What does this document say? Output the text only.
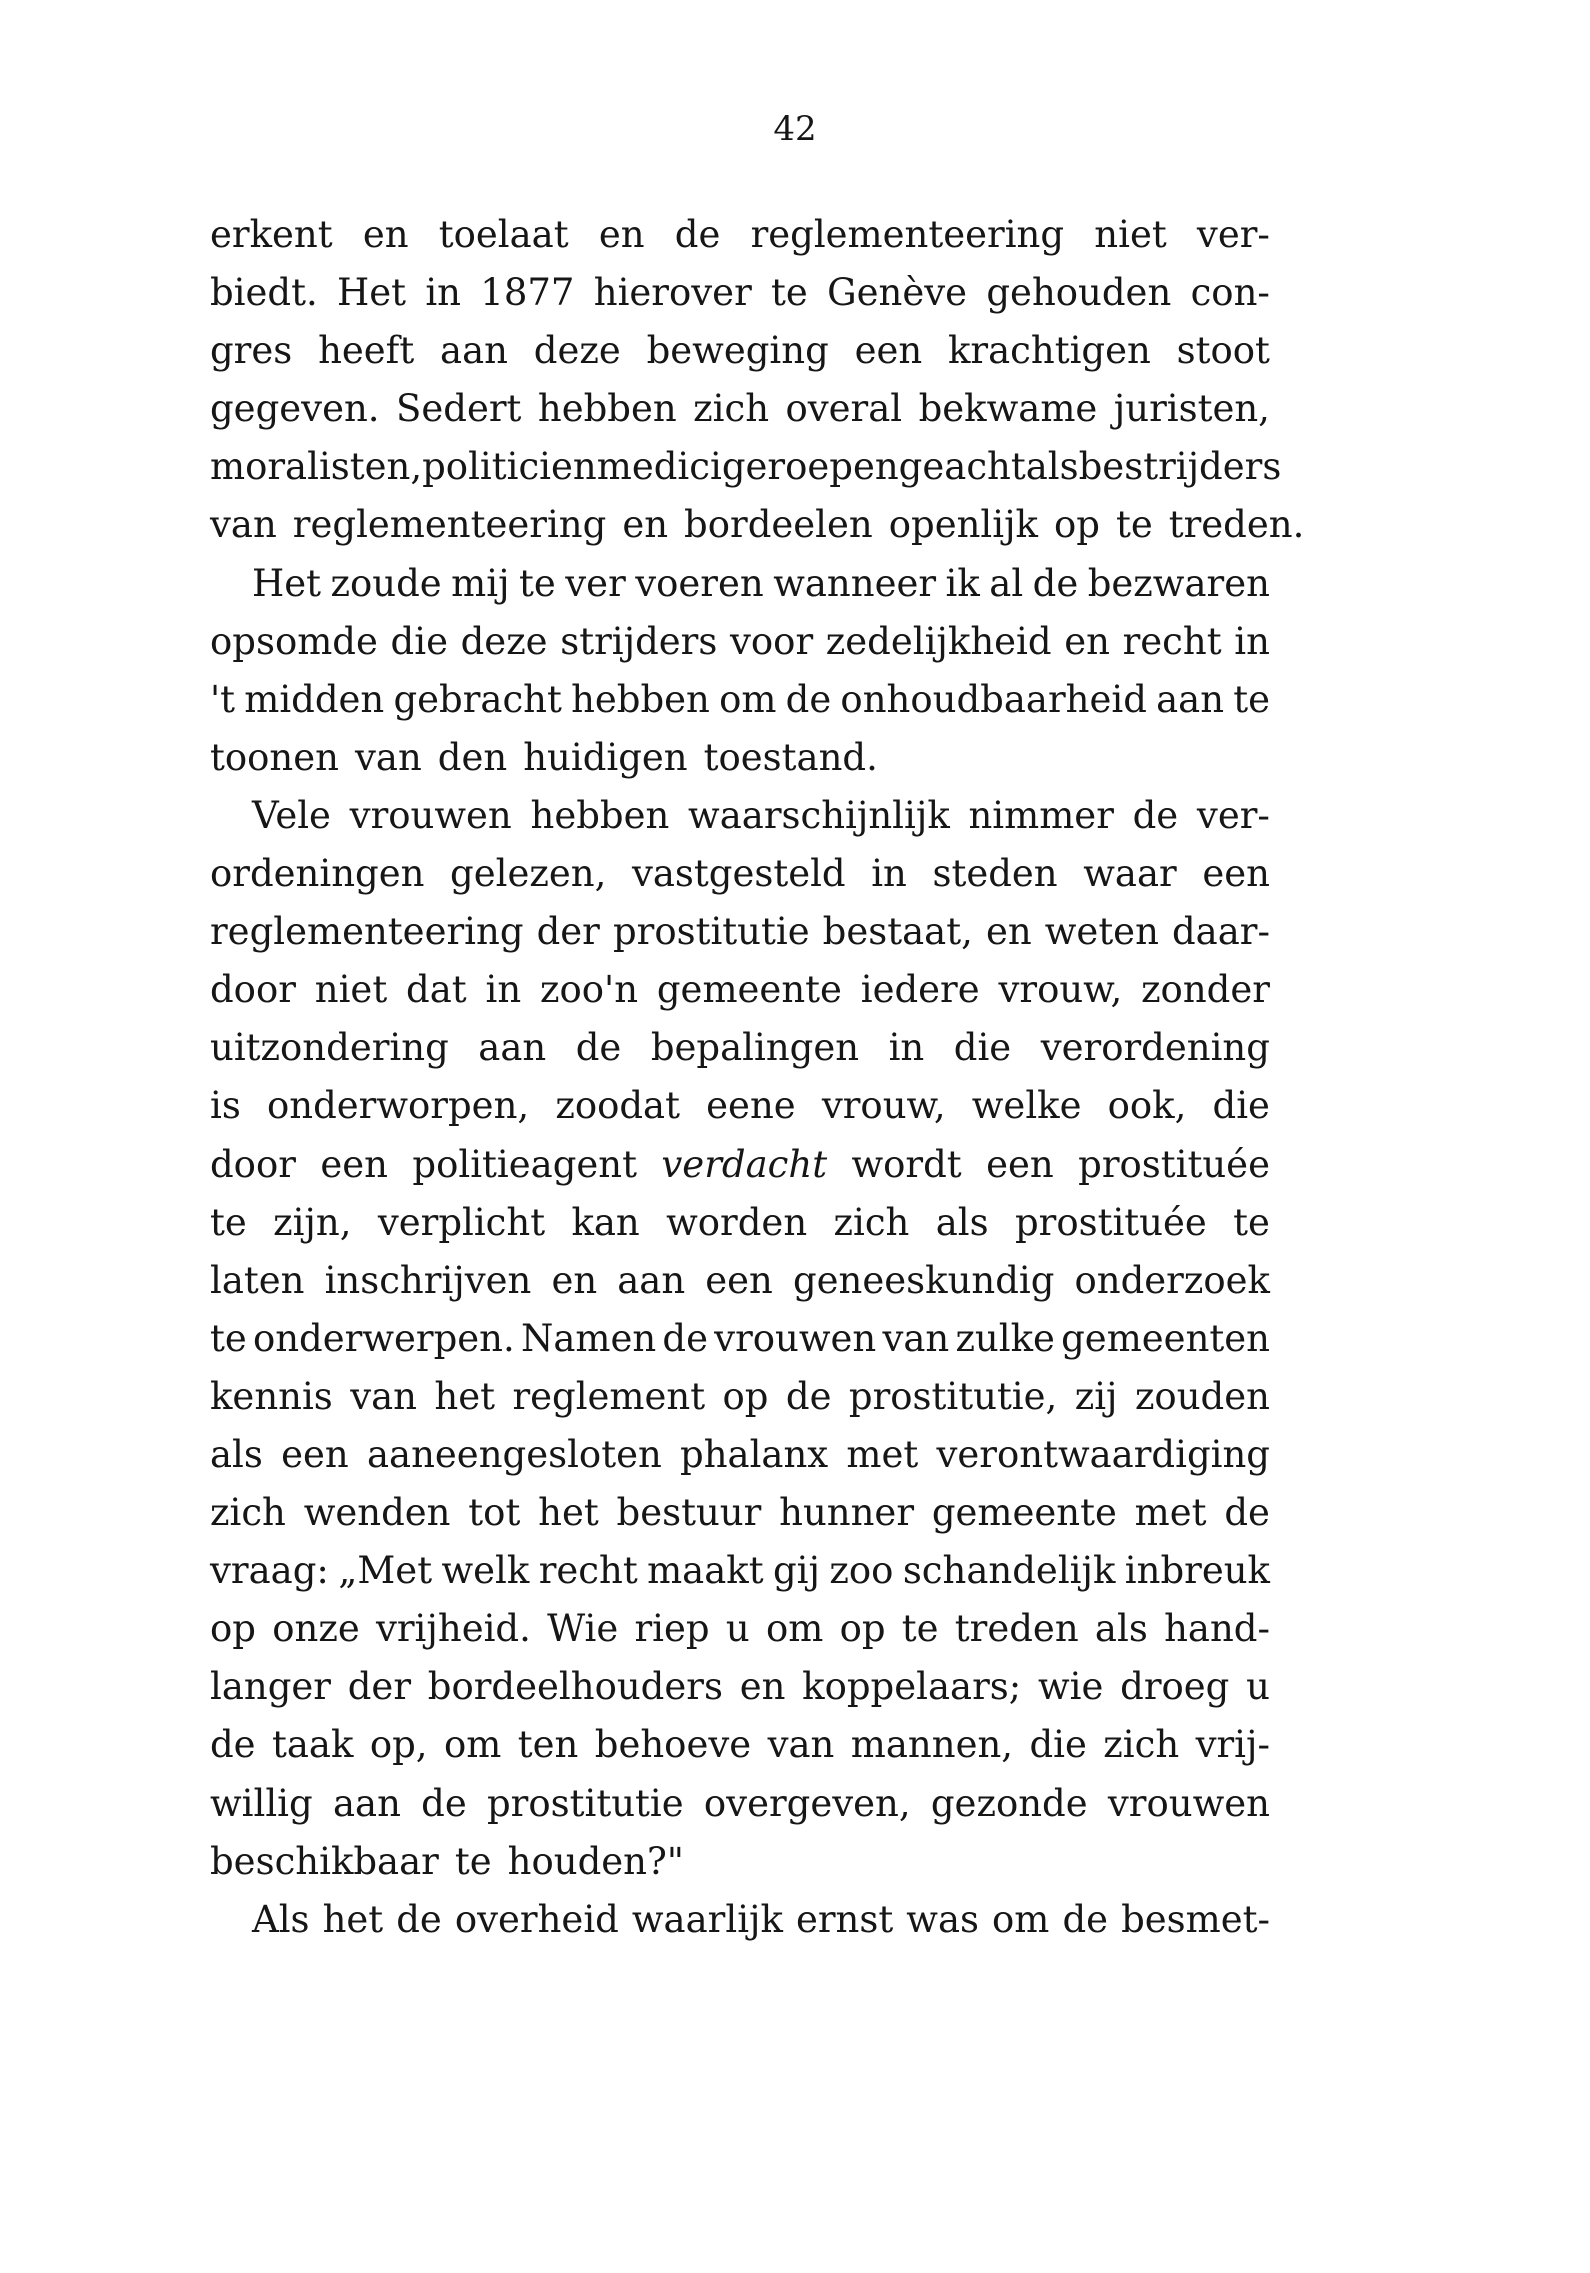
42
erkent en toelaat en de reglementeering niet ver-
biedt. Het in 1877 hierover te Genève gehouden con-
gres heeft aan deze beweging een krachtigen stoot
gegeven. Sedert hebben zich overal bekwame juristen,
moralisten, politici en medici geroepen geacht als bestrijders
van reglementeering en bordeelen openlijk op te treden.
Het zoude mij te ver voeren wanneer ik al de bezwaren
opsomde die deze strijders voor zedelijkheid en recht in
't midden gebracht hebben om de onhoudbaarheid aan te
toonen van den huidigen toestand.
Vele vrouwen hebben waarschijnlijk nimmer de ver-
ordeningen gelezen, vastgesteld in steden waar een
reglementeering der prostitutie bestaat, en weten daar-
door niet dat in zoo'n gemeente iedere vrouw, zonder
uitzondering aan de bepalingen in die verordening
is onderworpen, zoodat eene vrouw, welke ook, die
door een politieagent verdacht wordt een prostituée
te zijn, verplicht kan worden zich als prostituée te
laten inschrijven en aan een geneeskundig onderzoek
te onderwerpen. Namen de vrouwen van zulke gemeenten
kennis van het reglement op de prostitutie, zij zouden
als een aaneengesloten phalanx met verontwaardiging
zich wenden tot het bestuur hunner gemeente met de
vraag: „Met welk recht maakt gij zoo schandelijk inbreuk
op onze vrijheid. Wie riep u om op te treden als hand-
langer der bordeelhouders en koppelaars; wie droeg u
de taak op, om ten behoeve van mannen, die zich vrij-
willig aan de prostitutie overgeven, gezonde vrouwen
beschikbaar te houden?"
Als het de overheid waarlijk ernst was om de besmet-
